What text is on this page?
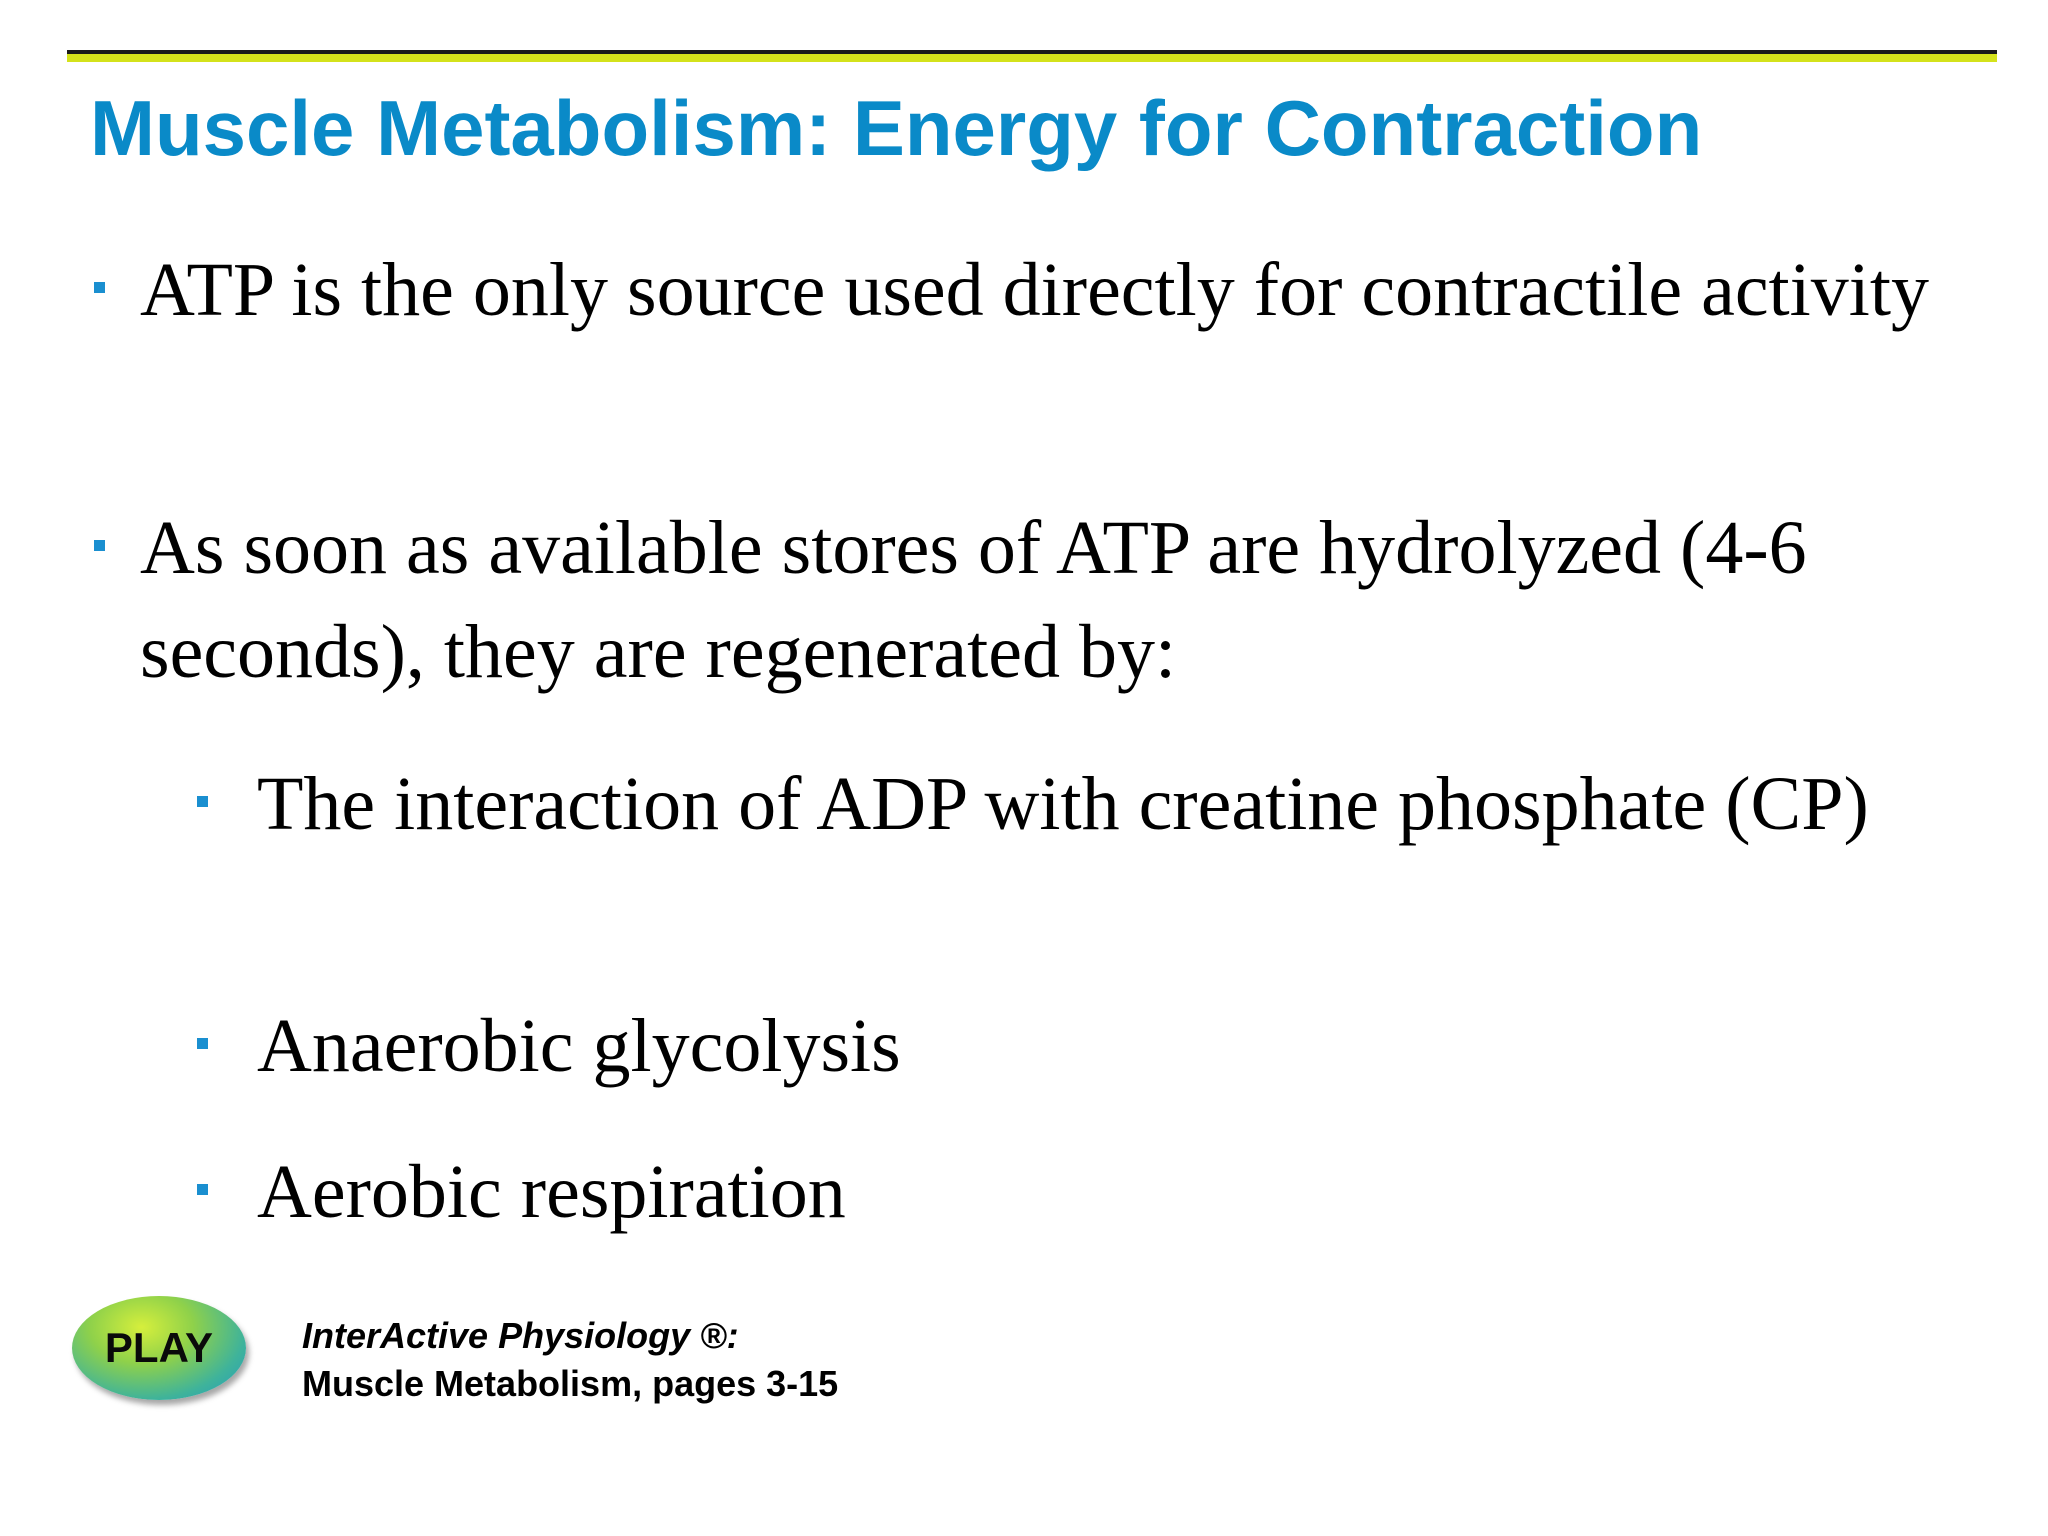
Muscle Metabolism: Energy for Contraction
ATP is the only source used directly for contractile activity
As soon as available stores of ATP are hydrolyzed (4-6 seconds), they are regenerated by:
The interaction of ADP with creatine phosphate (CP)
Anaerobic glycolysis
Aerobic respiration
PLAY InterActive Physiology ®:
Muscle Metabolism, pages 3-15
